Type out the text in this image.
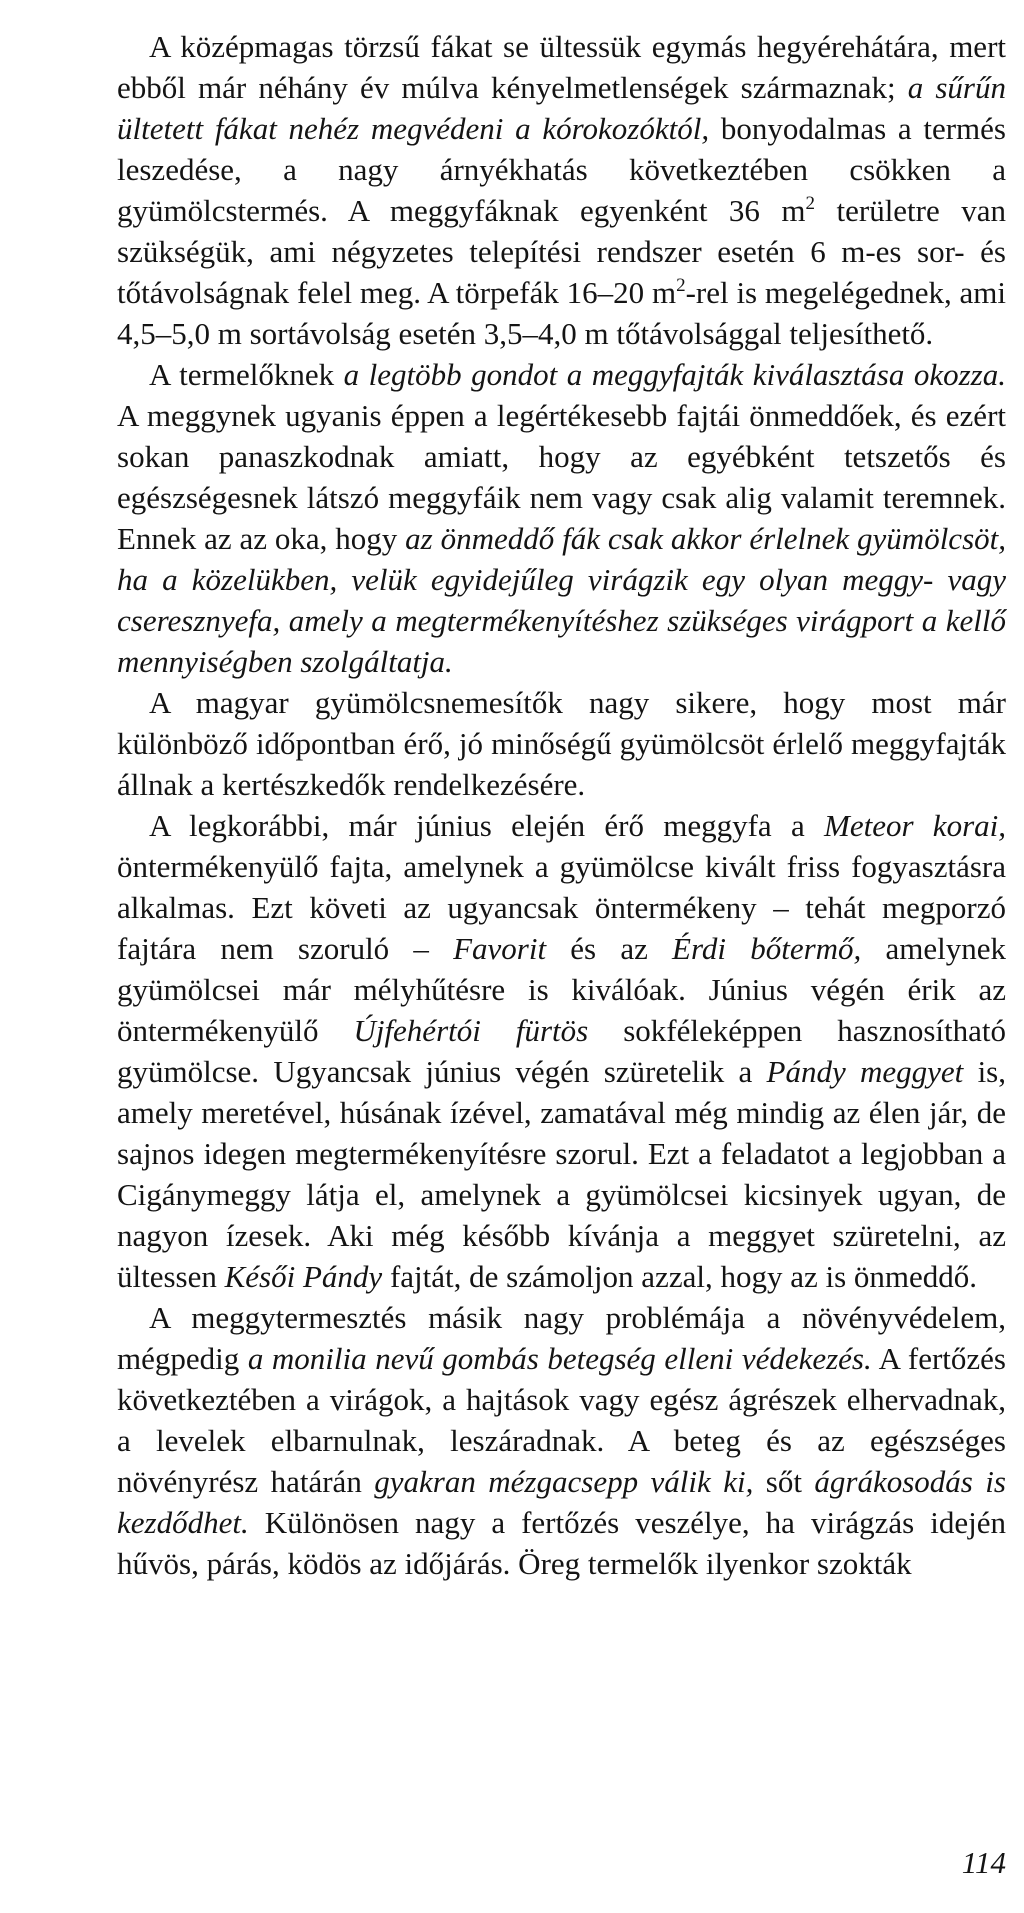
A középmagas törzsű fákat se ültessük egymás hegyérehátára, mert ebből már néhány év múlva kényelmetlenségek származnak; a sűrűn ültetett fákat nehéz megvédeni a kórokozóktól, bonyodalmas a termés leszedése, a nagy árnyékhatás következtében csökken a gyümölcstermés. A meggyfáknak egyenként 36 $m^2$ területre van szükségük, ami négyzetes telepítési rendszer esetén 6 m-es sor- és tőtávolságnak felel meg. A törpefák 16–20 $m^2$-rel is megelégednek, ami 4,5–5,0 m sortávolság esetén 3,5–4,0 m tőtávolsággal teljesíthető.

A termelőknek a legtöbb gondot a meggyfajták kiválasztása okozza. A meggynek ugyanis éppen a legértékesebb fajtái önmeddőek, és ezért sokan panaszkodnak amiatt, hogy az egyébként tetszetős és egészségesnek látszó meggyfáik nem vagy csak alig valamit teremnek. Ennek az az oka, hogy az önmeddő fák csak akkor érlelnek gyümölcsöt, ha a közelükben, velük egyidejűleg virágzik egy olyan meggy- vagy cseresznyefa, amely a megtermékenyítéshez szükséges virágport a kellő mennyiségben szolgáltatja.

A magyar gyümölcsnemesítők nagy sikere, hogy most már különböző időpontban érő, jó minőségű gyümölcsöt érlelő meggyfajták állnak a kertészkedők rendelkezésére.

A legkorábbi, már június elején érő meggyfa a Meteor korai, öntermékenyülő fajta, amelynek a gyümölcse kivált friss fogyasztásra alkalmas. Ezt követi az ugyancsak öntermékeny – tehát megporzó fajtára nem szoruló – Favorit és az Érdi bőtermő, amelynek gyümölcsei már mélyhűtésre is kiválóak. Június végén érik az öntermékenyülő Újfehértói fürtös sokféleképpen hasznosítható gyümölcse. Ugyancsak június végén szüretelik a Pándy meggyet is, amely meretével, húsának ízével, zamatával még mindig az élen jár, de sajnos idegen megtermékenyítésre szorul. Ezt a feladatot a legjobban a Cigánymeggy látja el, amelynek a gyümölcsei kicsinyek ugyan, de nagyon ízesek. Aki még később kívánja a meggyet szüretelni, az ültessen Késői Pándy fajtát, de számoljon azzal, hogy az is önmeddő.

A meggytermesztés másik nagy problémája a növényvédelem, mégpedig a monilia nevű gombás betegség elleni védekezés. A fertőzés következtében a virágok, a hajtások vagy egész ágrészek elhervadnak, a levelek elbarnulnak, leszáradnak. A beteg és az egészséges növényrész határán gyakran mézgacsepp válik ki, sőt ágrákosodás is kezdődhet. Különösen nagy a fertőzés veszélye, ha virágzás idején hűvös, párás, ködös az időjárás. Öreg termelők ilyenkor szokták

114
